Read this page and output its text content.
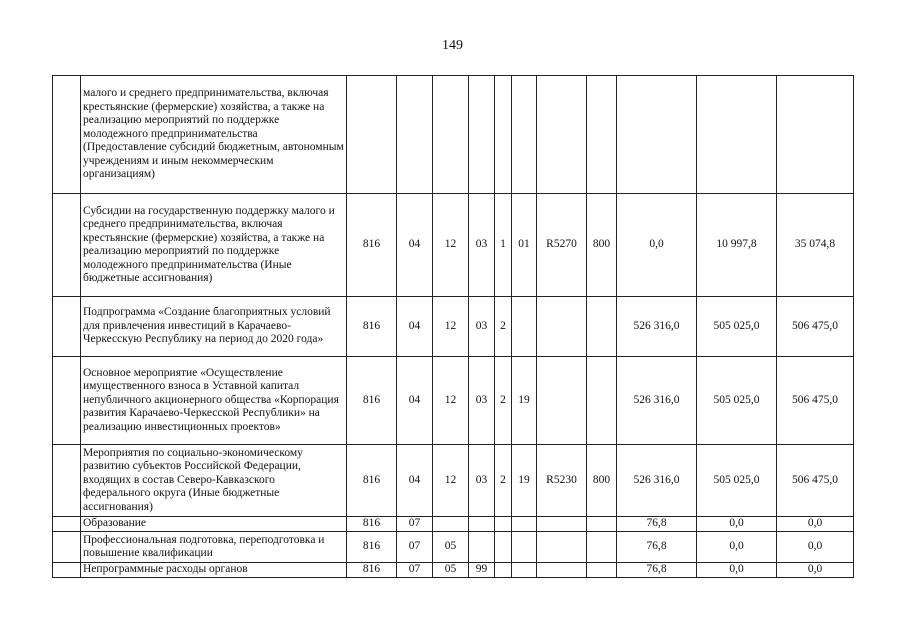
149
	малого и среднего предпринимательства, включая крестьянские (фермерские) хозяйства, а также на реализацию мероприятий по поддержке молодежного предпринимательства (Предоставление субсидий бюджетным, автономным учреждениям и иным некоммерческим организациям)											
	Субсидии на государственную поддержку малого и среднего предпринимательства, включая крестьянские (фермерские) хозяйства, а также на реализацию мероприятий по поддержке молодежного предпринимательства (Иные бюджетные ассигнования)	816	04	12	03	1	01	R5270	800	0,0	10 997,8	35 074,8
	Подпрограмма «Создание благоприятных условий для привлечения инвестиций в Карачаево-Черкесскую Республику на период до 2020 года»	816	04	12	03	2				526 316,0	505 025,0	506 475,0
	Основное мероприятие «Осуществление имущественного взноса в Уставной капитал непубличного акционерного общества «Корпорация развития Карачаево-Черкесской Республики» на реализацию инвестиционных проектов»	816	04	12	03	2	19			526 316,0	505 025,0	506 475,0
	Мероприятия по социально-экономическому развитию субъектов Российской Федерации, входящих в состав Северо-Кавказского федерального округа (Иные бюджетные ассигнования)	816	04	12	03	2	19	R5230	800	526 316,0	505 025,0	506 475,0
	Образование	816	07							76,8	0,0	0,0
	Профессиональная подготовка, переподготовка и повышение квалификации	816	07	05						76,8	0,0	0,0
	Непрограммные расходы органов	816	07	05	99					76,8	0,0	0,0
